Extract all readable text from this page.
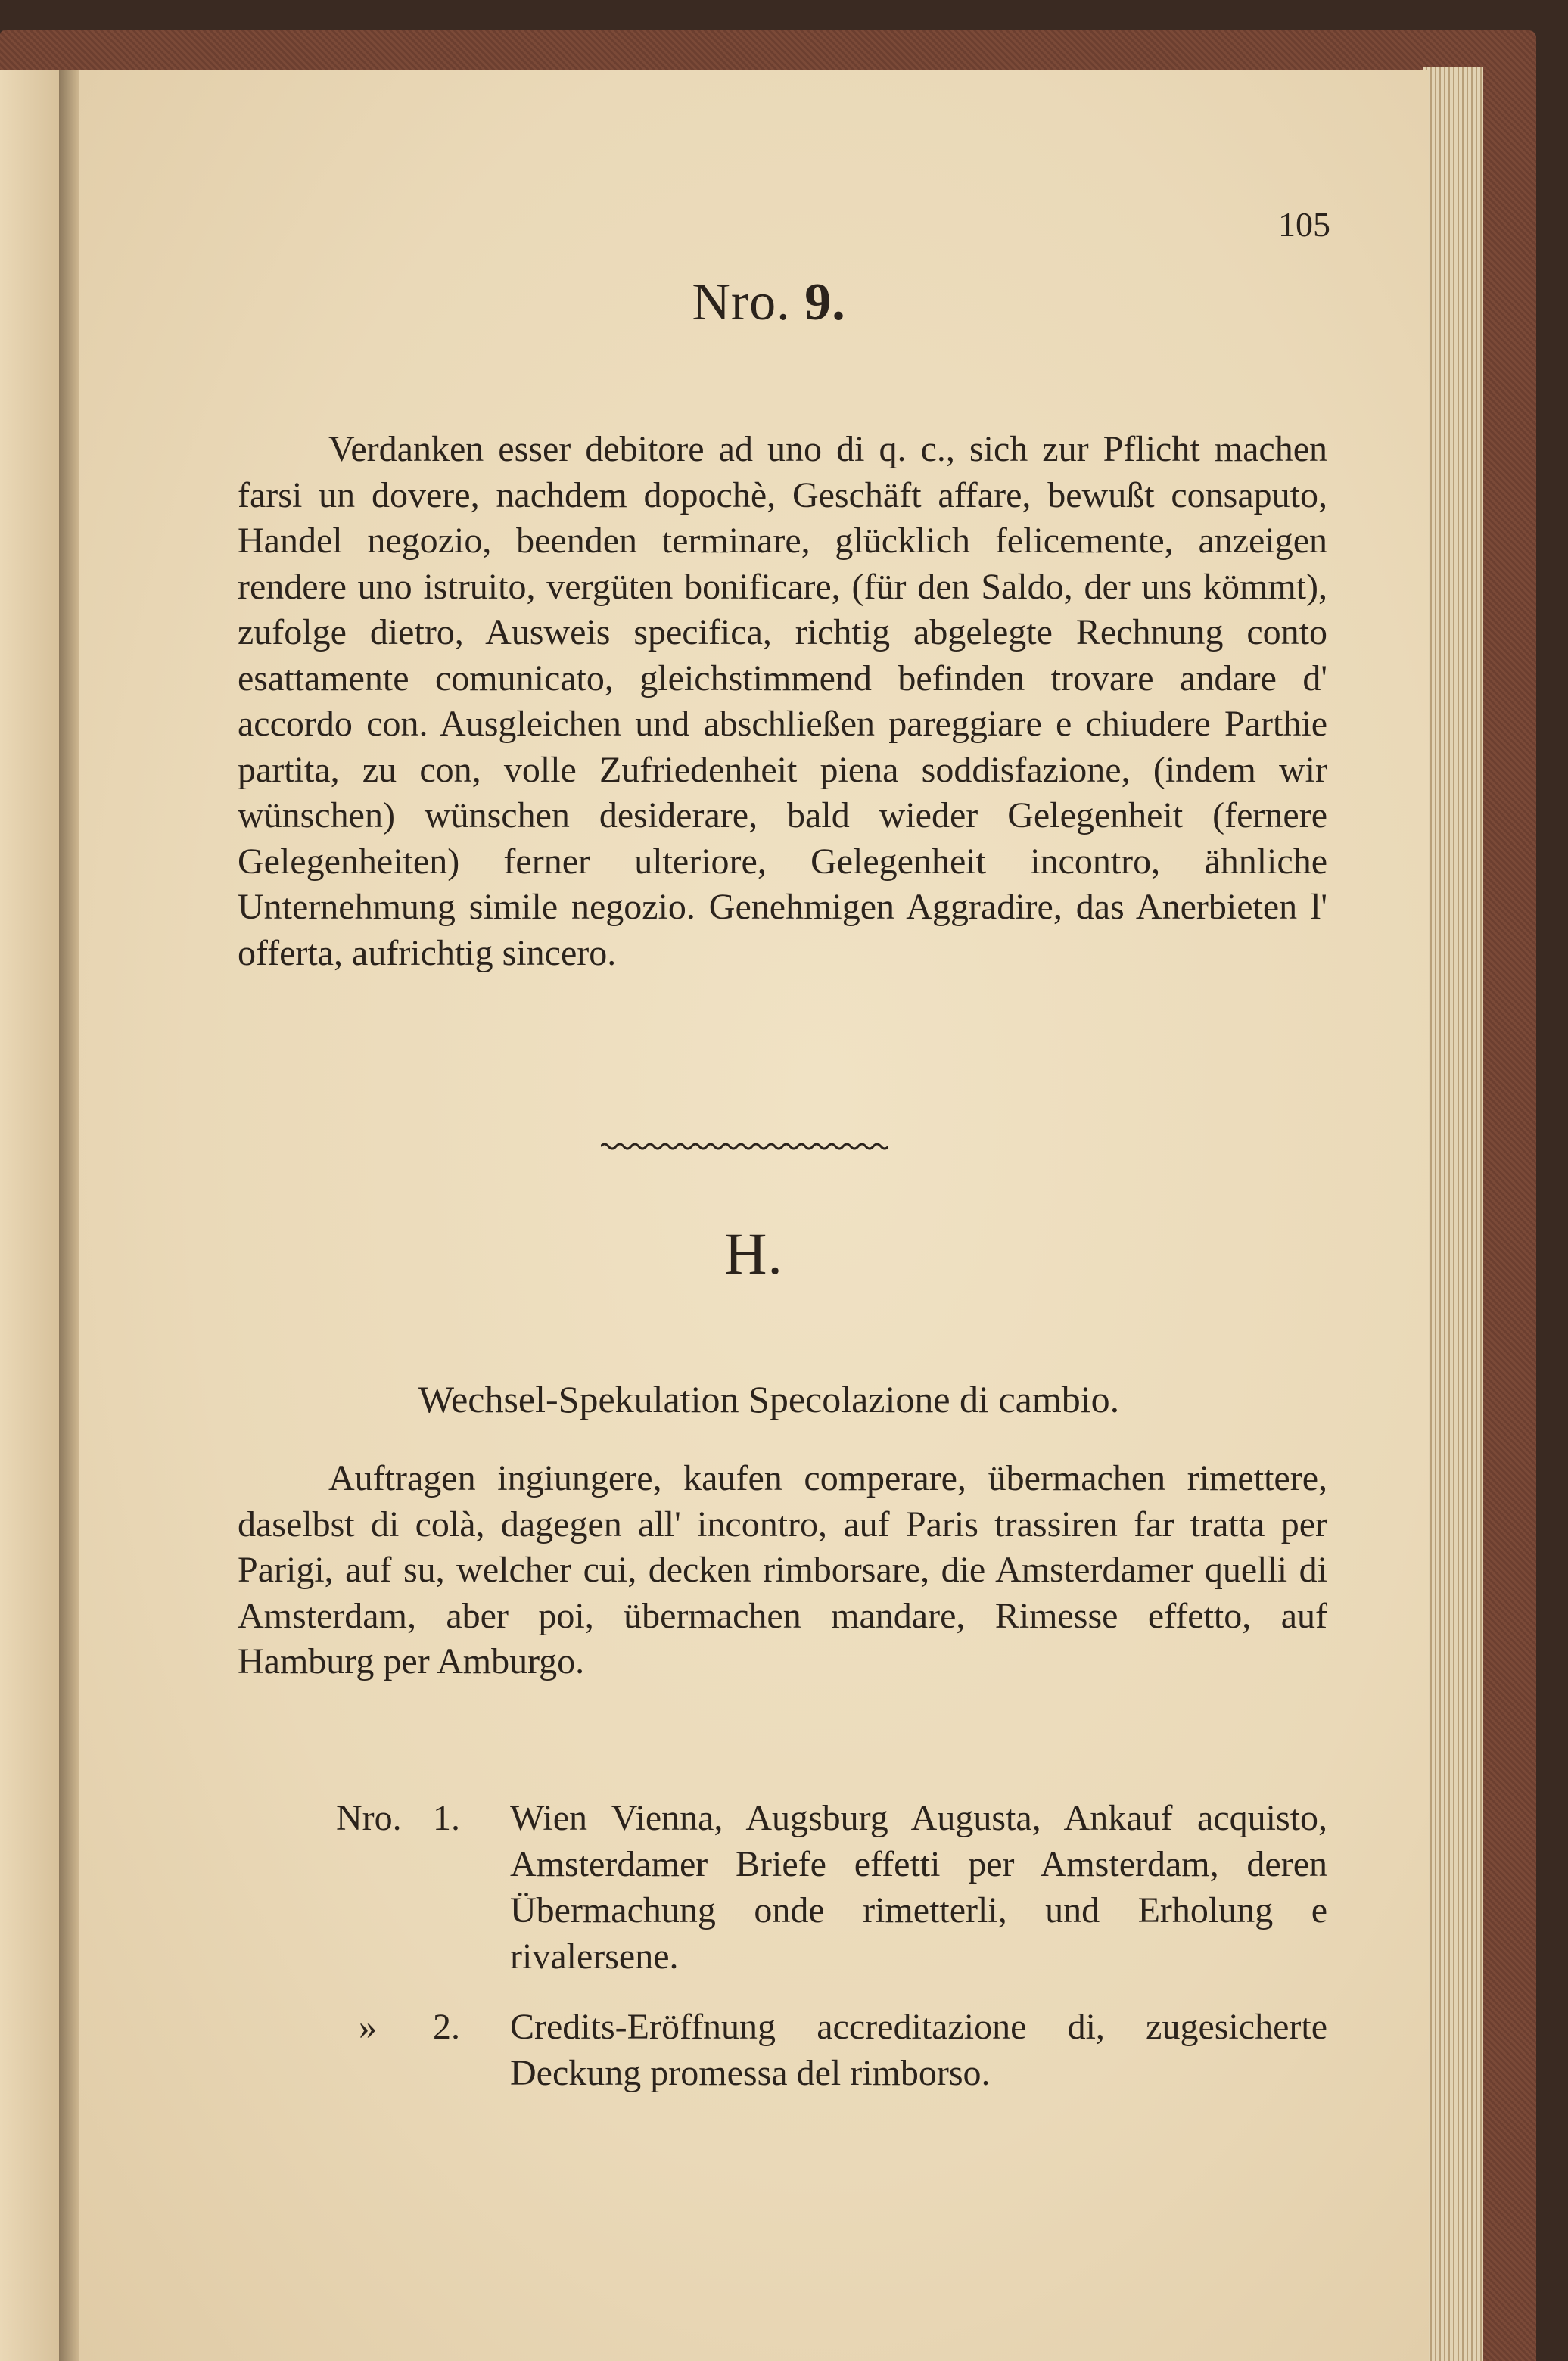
105
Nro. 9.

Verdanken esser debitore ad uno di q. c., sich zur Pflicht machen farsi un dovere, nachdem dopochè, Geschäft affare, bewußt consaputo, Handel negozio, beenden terminare, glücklich felicemente, anzeigen rendere uno istruito, vergüten bonificare, (für den Saldo, der uns kömmt), zufolge dietro, Ausweis specifica, richtig abgelegte Rechnung conto esattamente comunicato, gleichstimmend befinden trovare andare d' accordo con. Ausgleichen und abschließen pareggiare e chiudere Parthie partita, zu con, volle Zufriedenheit piena soddisfazione, (indem wir wünschen) wünschen desiderare, bald wieder Gelegenheit (fernere Gelegenheiten) ferner ulteriore, Gelegenheit incontro, ähnliche Unternehmung simile negozio. Genehmigen Aggradire, das Anerbieten l' offerta, aufrichtig sincero.

H.
Wechsel-Spekulation Specolazione di cambio.

Auftragen ingiungere, kaufen comperare, übermachen rimettere, daselbst di colà, dagegen all' incontro, auf Paris trassiren far tratta per Parigi, auf su, welcher cui, decken rimborsare, die Amsterdamer quelli di Amsterdam, aber poi, übermachen mandare, Rimesse effetto, auf Hamburg per Amburgo.

Nro. 1. Wien Vienna, Augsburg Augusta, Ankauf acquisto, Amsterdamer Briefe effetti per Amsterdam, deren Übermachung onde rimetterli, und Erholung e rivalersene.
» 2. Credits-Eröffnung accreditazione di, zugesicherte Deckung promessa del rimborso.
